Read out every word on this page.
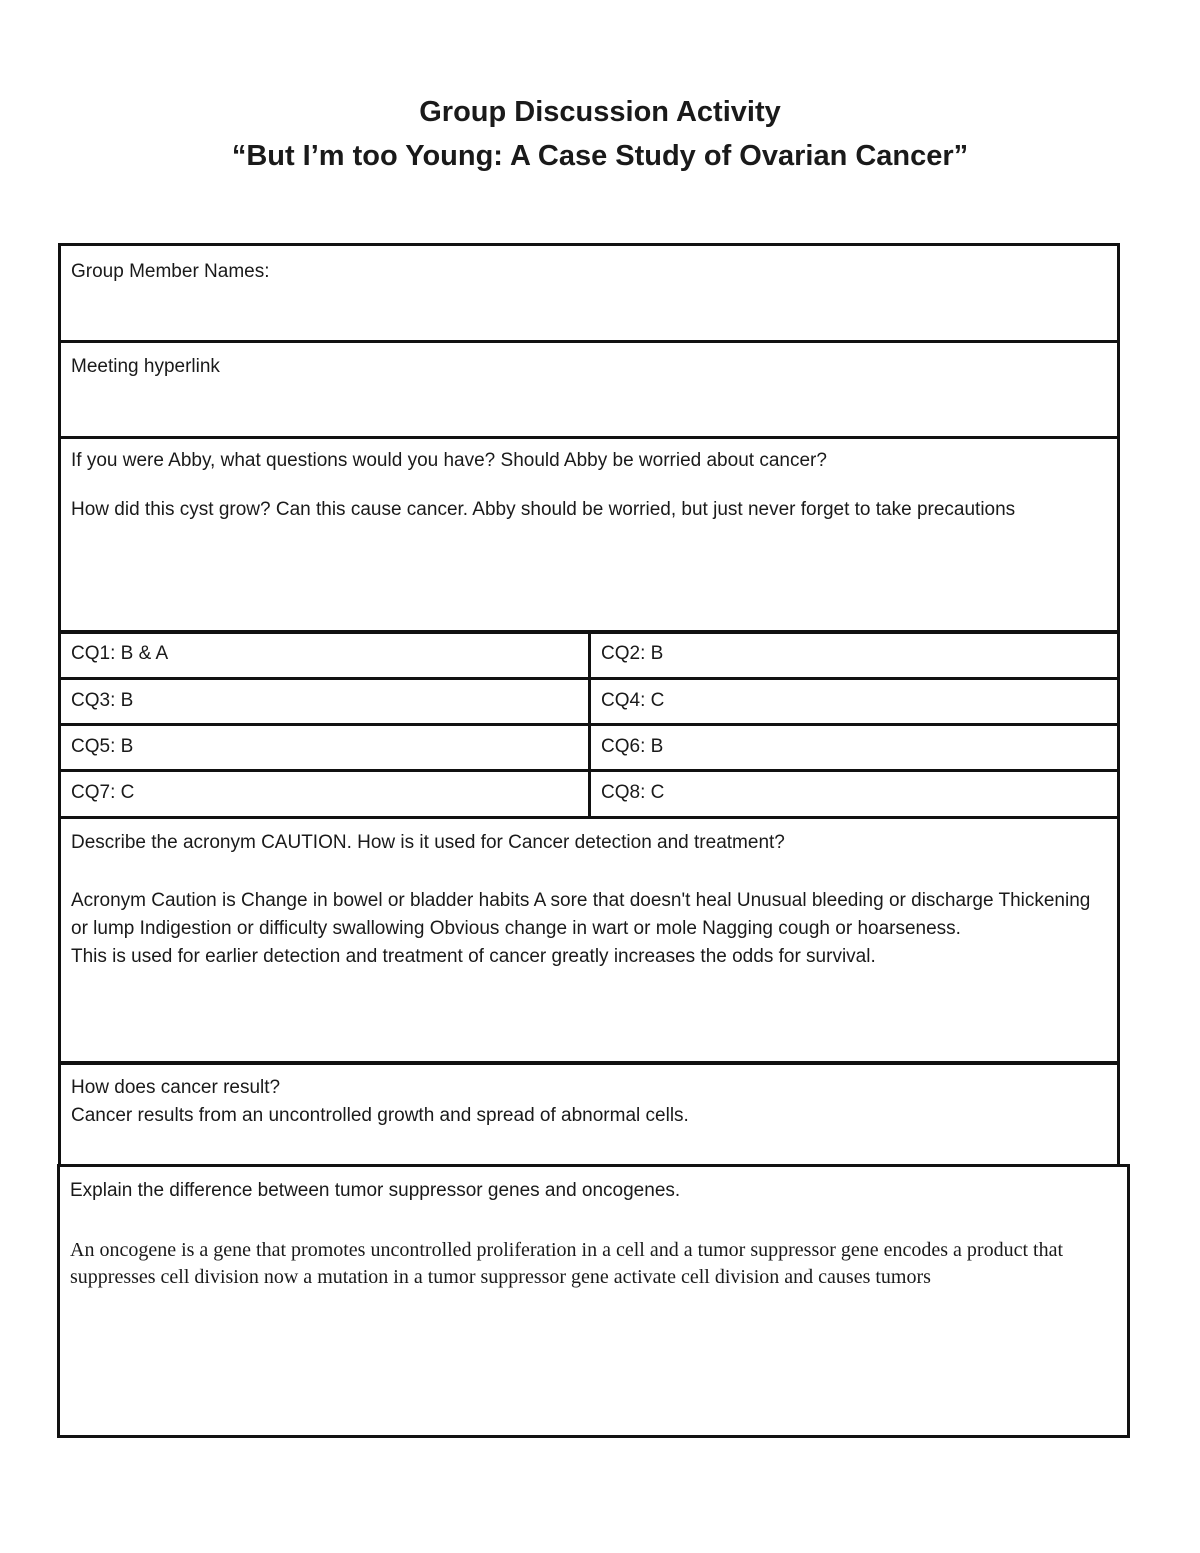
Group Discussion Activity
“But I’m too Young: A Case Study of Ovarian Cancer”

Group Member Names:

Meeting hyperlink

If you were Abby, what questions would you have? Should Abby be worried about cancer?

How did this cyst grow? Can this cause cancer. Abby should be worried, but just never forget to take precautions

CQ1: B & A	CQ2: B
CQ3: B	CQ4: C
CQ5: B	CQ6: B
CQ7: C	CQ8: C

Describe the acronym CAUTION. How is it used for Cancer detection and treatment?

Acronym Caution is Change in bowel or bladder habits A sore that doesn't heal Unusual bleeding or discharge Thickening or lump Indigestion or difficulty swallowing Obvious change in wart or mole Nagging cough or hoarseness.

This is used for earlier detection and treatment of cancer greatly increases the odds for survival.

How does cancer result?

Cancer results from an uncontrolled growth and spread of abnormal cells.

Explain the difference between tumor suppressor genes and oncogenes.

An oncogene is a gene that promotes uncontrolled proliferation in a cell and a tumor suppressor gene encodes a product that suppresses cell division now a mutation in a tumor suppressor gene activate cell division and causes tumors
